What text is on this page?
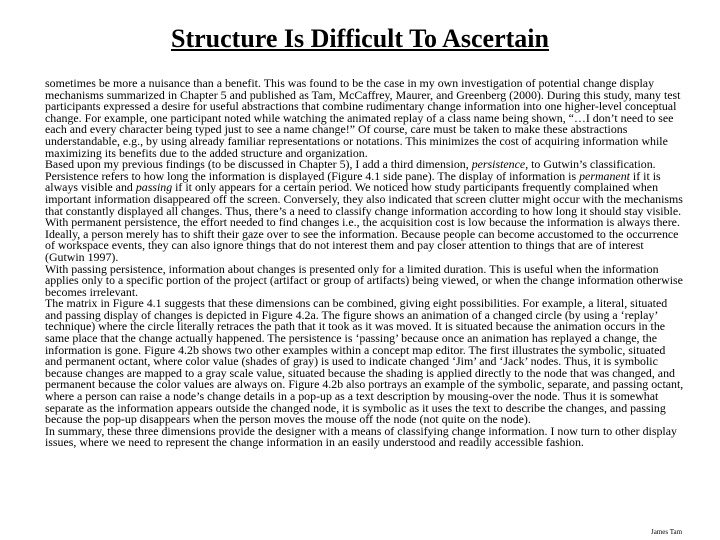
Structure Is Difficult To Ascertain

sometimes be more a nuisance than a benefit. This was found to be the case in my own investigation of potential change display mechanisms summarized in Chapter 5 and published as Tam, McCaffrey, Maurer, and Greenberg (2000). During this study, many test participants expressed a desire for useful abstractions that combine rudimentary change information into one higher-level conceptual change. For example, one participant noted while watching the animated replay of a class name being shown, “…I don’t need to see each and every character being typed just to see a name change!” Of course, care must be taken to make these abstractions understandable, e.g., by using already familiar representations or notations. This minimizes the cost of acquiring information while maximizing its benefits due to the added structure and organization.

Based upon my previous findings (to be discussed in Chapter 5), I add a third dimension, persistence, to Gutwin’s classification. Persistence refers to how long the information is displayed (Figure 4.1 side pane). The display of information is permanent if it is always visible and passing if it only appears for a certain period. We noticed how study participants frequently complained when important information disappeared off the screen. Conversely, they also indicated that screen clutter might occur with the mechanisms that constantly displayed all changes. Thus, there’s a need to classify change information according to how long it should stay visible.

With permanent persistence, the effort needed to find changes i.e., the acquisition cost is low because the information is always there. Ideally, a person merely has to shift their gaze over to see the information. Because people can become accustomed to the occurrence of workspace events, they can also ignore things that do not interest them and pay closer attention to things that are of interest (Gutwin 1997).

With passing persistence, information about changes is presented only for a limited duration. This is useful when the information applies only to a specific portion of the project (artifact or group of artifacts) being viewed, or when the change information otherwise becomes irrelevant.

The matrix in Figure 4.1 suggests that these dimensions can be combined, giving eight possibilities. For example, a literal, situated and passing display of changes is depicted in Figure 4.2a. The figure shows an animation of a changed circle (by using a ‘replay’ technique) where the circle literally retraces the path that it took as it was moved. It is situated because the animation occurs in the same place that the change actually happened. The persistence is ‘passing’ because once an animation has replayed a change, the information is gone. Figure 4.2b shows two other examples within a concept map editor. The first illustrates the symbolic, situated and permanent octant, where color value (shades of gray) is used to indicate changed ‘Jim’ and ‘Jack’ nodes. Thus, it is symbolic because changes are mapped to a gray scale value, situated because the shading is applied directly to the node that was changed, and permanent because the color values are always on. Figure 4.2b also portrays an example of the symbolic, separate, and passing octant, where a person can raise a node’s change details in a pop-up as a text description by mousing-over the node. Thus it is somewhat separate as the information appears outside the changed node, it is symbolic as it uses the text to describe the changes, and passing because the pop-up disappears when the person moves the mouse off the node (not quite on the node).

In summary, these three dimensions provide the designer with a means of classifying change information. I now turn to other display issues, where we need to represent the change information in an easily understood and readily accessible fashion.

James Tam
